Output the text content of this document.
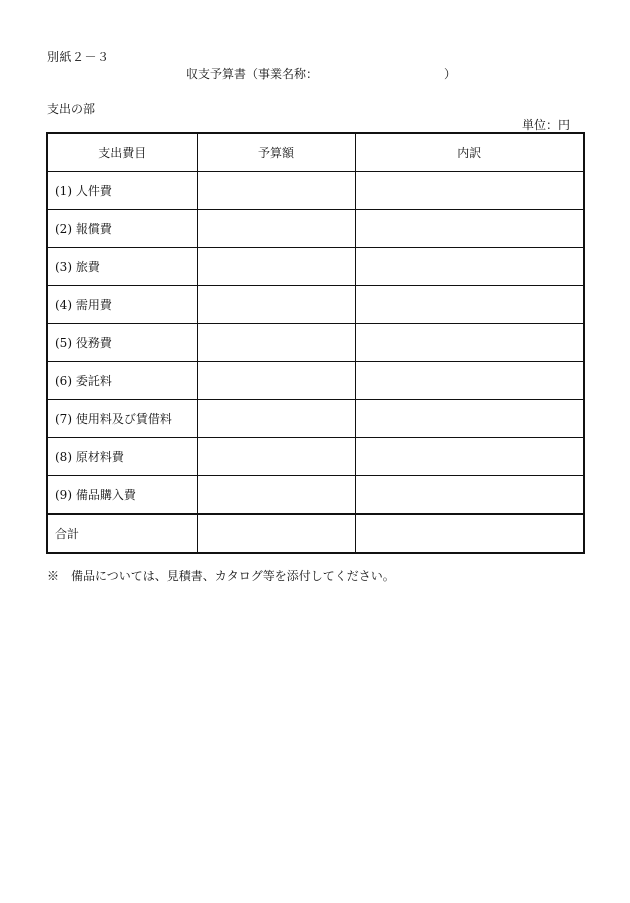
別紙２－３
収支予算書（事業名称：　　　　　　　　　　　）
支出の部
単位：円
支出費目	予算額	内訳
(1) 人件費		
(2) 報償費		
(3) 旅費		
(4) 需用費		
(5) 役務費		
(6) 委託料		
(7) 使用料及び賃借料		
(8) 原材料費		
(9) 備品購入費		
合計		
※　備品については、見積書、カタログ等を添付してください。
